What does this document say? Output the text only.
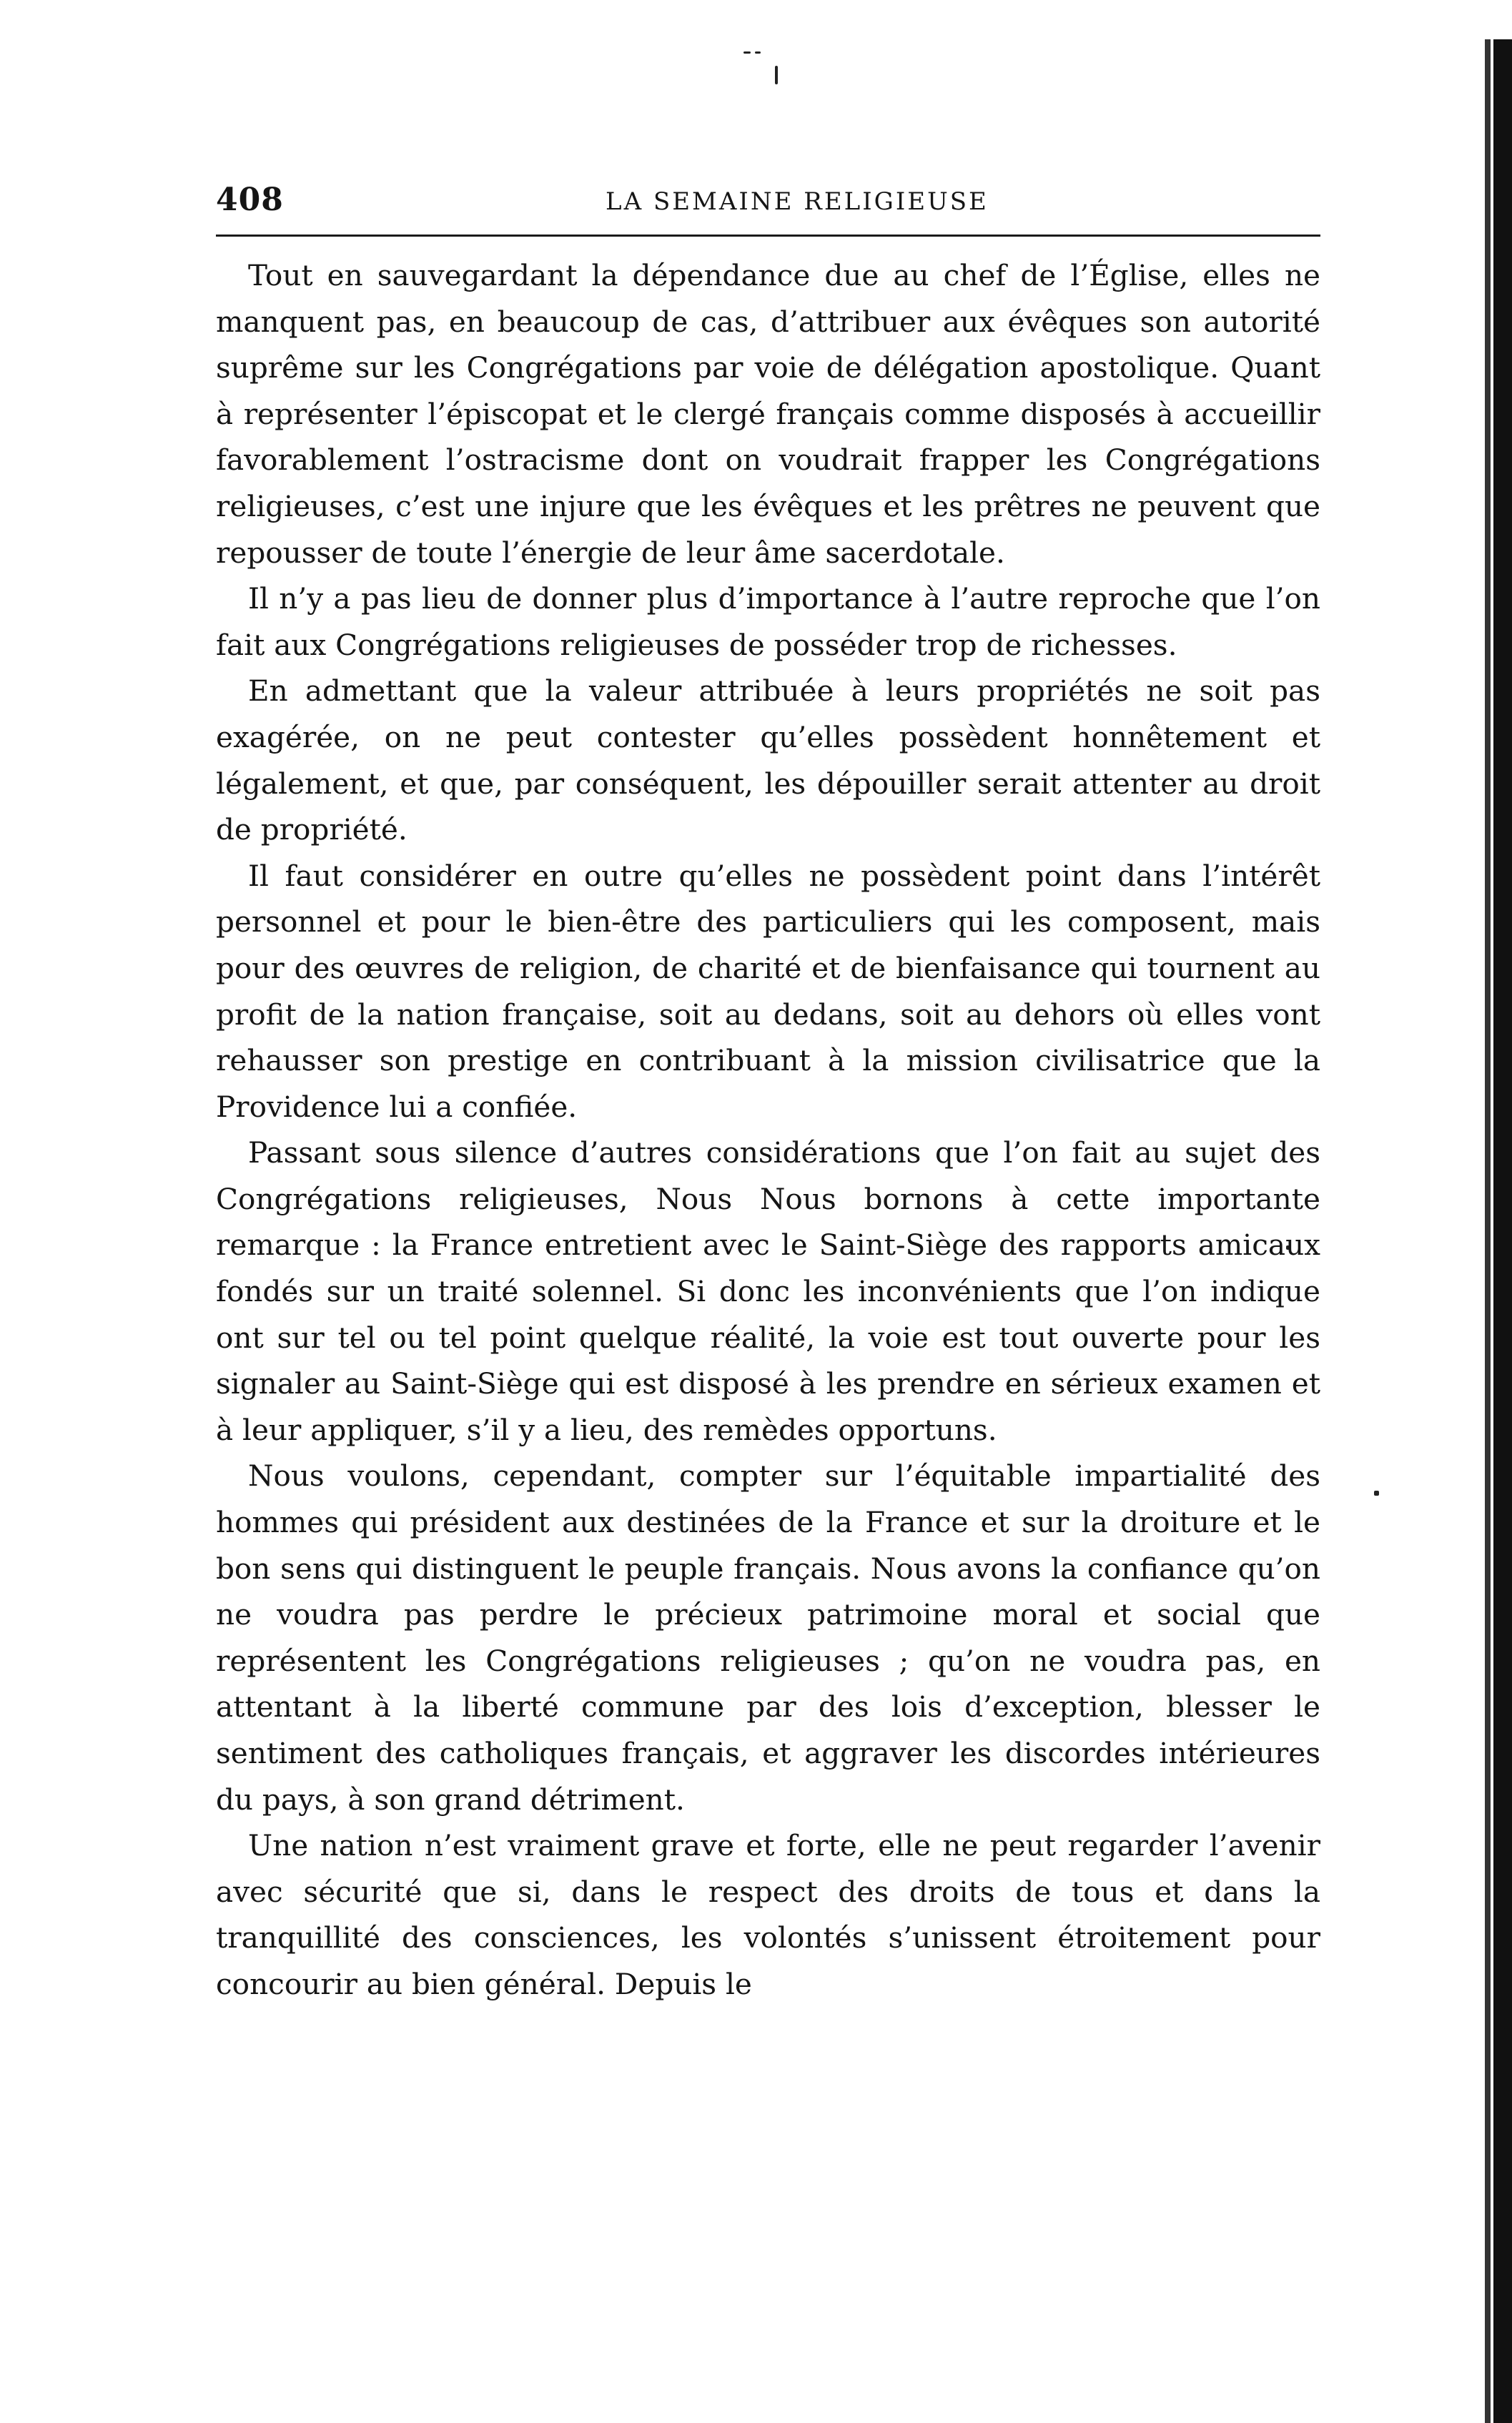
408	LA SEMAINE RELIGIEUSE

Tout en sauvegardant la dépendance due au chef de l’Église, elles ne manquent pas, en beaucoup de cas, d’attribuer aux évêques son autorité suprême sur les Congrégations par voie de délégation apostolique. Quant à représenter l’épiscopat et le clergé français comme disposés à accueillir favorablement l’ostracisme dont on voudrait frapper les Congrégations religieuses, c’est une injure que les évêques et les prêtres ne peuvent que repousser de toute l’énergie de leur âme sacerdotale.

Il n’y a pas lieu de donner plus d’importance à l’autre reproche que l’on fait aux Congrégations religieuses de posséder trop de richesses.

En admettant que la valeur attribuée à leurs propriétés ne soit pas exagérée, on ne peut contester qu’elles possèdent honnêtement et légalement, et que, par conséquent, les dépouiller serait attenter au droit de propriété.

Il faut considérer en outre qu’elles ne possèdent point dans l’intérêt personnel et pour le bien-être des particuliers qui les composent, mais pour des œuvres de religion, de charité et de bienfaisance qui tournent au profit de la nation française, soit au dedans, soit au dehors où elles vont rehausser son prestige en contribuant à la mission civilisatrice que la Providence lui a confiée.

Passant sous silence d’autres considérations que l’on fait au sujet des Congrégations religieuses, Nous Nous bornons à cette importante remarque : la France entretient avec le Saint-Siège des rapports amicaux fondés sur un traité solennel. Si donc les inconvénients que l’on indique ont sur tel ou tel point quelque réalité, la voie est tout ouverte pour les signaler au Saint-Siège qui est disposé à les prendre en sérieux examen et à leur appliquer, s’il y a lieu, des remèdes opportuns.

Nous voulons, cependant, compter sur l’équitable impartialité des hommes qui président aux destinées de la France et sur la droiture et le bon sens qui distinguent le peuple français. Nous avons la confiance qu’on ne voudra pas perdre le précieux patrimoine moral et social que représentent les Congrégations religieuses ; qu’on ne voudra pas, en attentant à la liberté commune par des lois d’exception, blesser le sentiment des catholiques français, et aggraver les discordes intérieures du pays, à son grand détriment.

Une nation n’est vraiment grave et forte, elle ne peut regarder l’avenir avec sécurité que si, dans le respect des droits de tous et dans la tranquillité des consciences, les volontés s’unissent étroitement pour concourir au bien général. Depuis le
